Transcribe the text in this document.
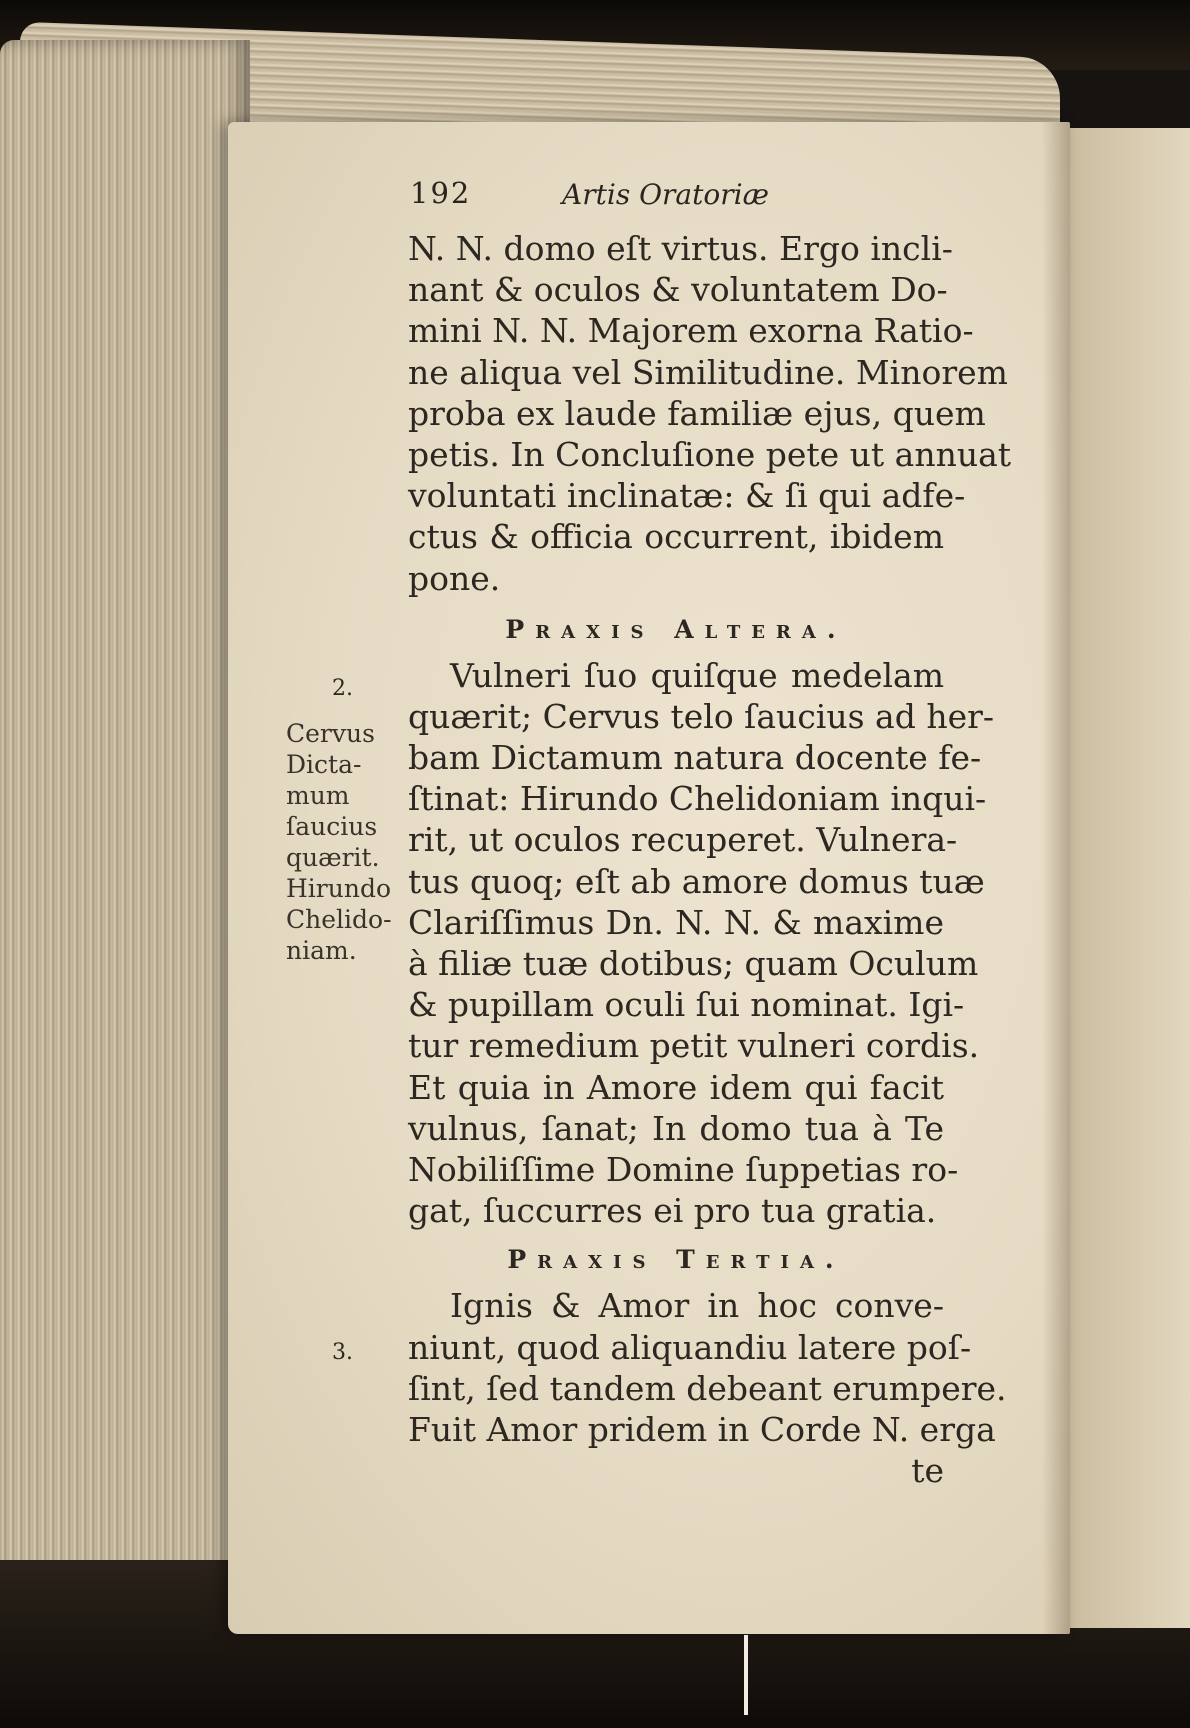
192	Artis Oratoriæ
N. N. domo eſt virtus. Ergo incli-
nant & oculos & voluntatem Do-
mini N. N. Majorem exorna Ratio-
ne aliqua vel Similitudine. Minorem
proba ex laude familiæ ejus, quem
petis. In Concluſione pete ut annuat
voluntati inclinatæ: & ſi qui adfe-
ctus & officia occurrent, ibidem
pone.
Praxis Altera.
Vulneri ſuo quiſque medelam
quærit; Cervus telo ſaucius ad her-
bam Dictamum natura docente fe-
ſtinat: Hirundo Chelidoniam inqui-
rit, ut oculos recuperet. Vulnera-
tus quoq; eſt ab amore domus tuæ
Clariſſimus Dn. N. N. & maxime
à filiæ tuæ dotibus; quam Oculum
& pupillam oculi ſui nominat. Igi-
tur remedium petit vulneri cordis.
Et quia in Amore idem qui facit
vulnus, ſanat; In domo tua à Te
Nobiliſſime Domine ſuppetias ro-
gat, ſuccurres ei pro tua gratia.
Praxis Tertia.
Ignis & Amor in hoc conve-
niunt, quod aliquandiu latere poſ-
ſint, ſed tandem debeant erumpere.
Fuit Amor pridem in Corde N. erga
te
2.
3.
Cervus
Dicta-
mum
ſaucius
quærit.
Hirundo
Chelido-
niam.
